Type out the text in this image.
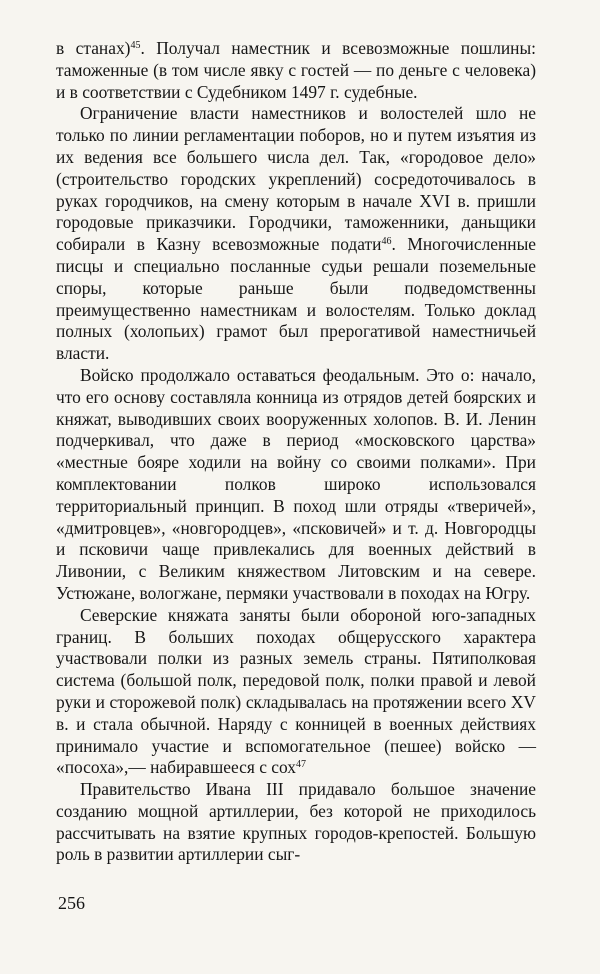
в станах)$^{45}$. Получал наместник и всевозможные пошлины: таможенные (в том числе явку с гостей — по деньге с человека) и в соответствии с Судебником 1497 г. судебные.

Ограничение власти наместников и волостелей шло не только по линии регламентации поборов, но и путем изъятия из их ведения все большего числа дел. Так, «городовое дело» (строительство городских укреплений) сосредоточивалось в руках городчиков, на смену которым в начале XVI в. пришли городовые приказчики. Городчики, таможенники, даньщики собирали в Казну всевозможные подати$^{46}$. Многочисленные писцы и специально посланные судьи решали поземельные споры, которые раньше были подведомственны преимущественно наместникам и волостелям. Только доклад полных (холопьих) грамот был прерогативой наместничьей власти.

Войско продолжало оставаться феодальным. Это о: начало, что его основу составляла конница из отрядов детей боярских и княжат, выводивших своих вооруженных холопов. В. И. Ленин подчеркивал, что даже в период «московского царства» «местные бояре ходили на войну со своими полками». При комплектовании полков широко использовался территориальный принцип. В поход шли отряды «тверичей», «дмитровцев», «новгородцев», «псковичей» и т. д. Новгородцы и псковичи чаще привлекались для военных действий в Ливонии, с Великим княжеством Литовским и на севере. Устюжане, вологжане, пермяки участвовали в походах на Югру.

Северские княжата заняты были обороной юго-западных границ. В больших походах общерусского характера участвовали полки из разных земель страны. Пятиполковая система (большой полк, передовой полк, полки правой и левой руки и сторожевой полк) складывалась на протяжении всего XV в. и стала обычной. Наряду с конницей в военных действиях принимало участие и вспомогательное (пешее) войско — «посоха»,— набиравшееся с сох$^{47}$

Правительство Ивана III придавало большое значение созданию мощной артиллерии, без которой не приходилось рассчитывать на взятие крупных городов-крепостей. Большую роль в развитии артиллерии сыг-

256
